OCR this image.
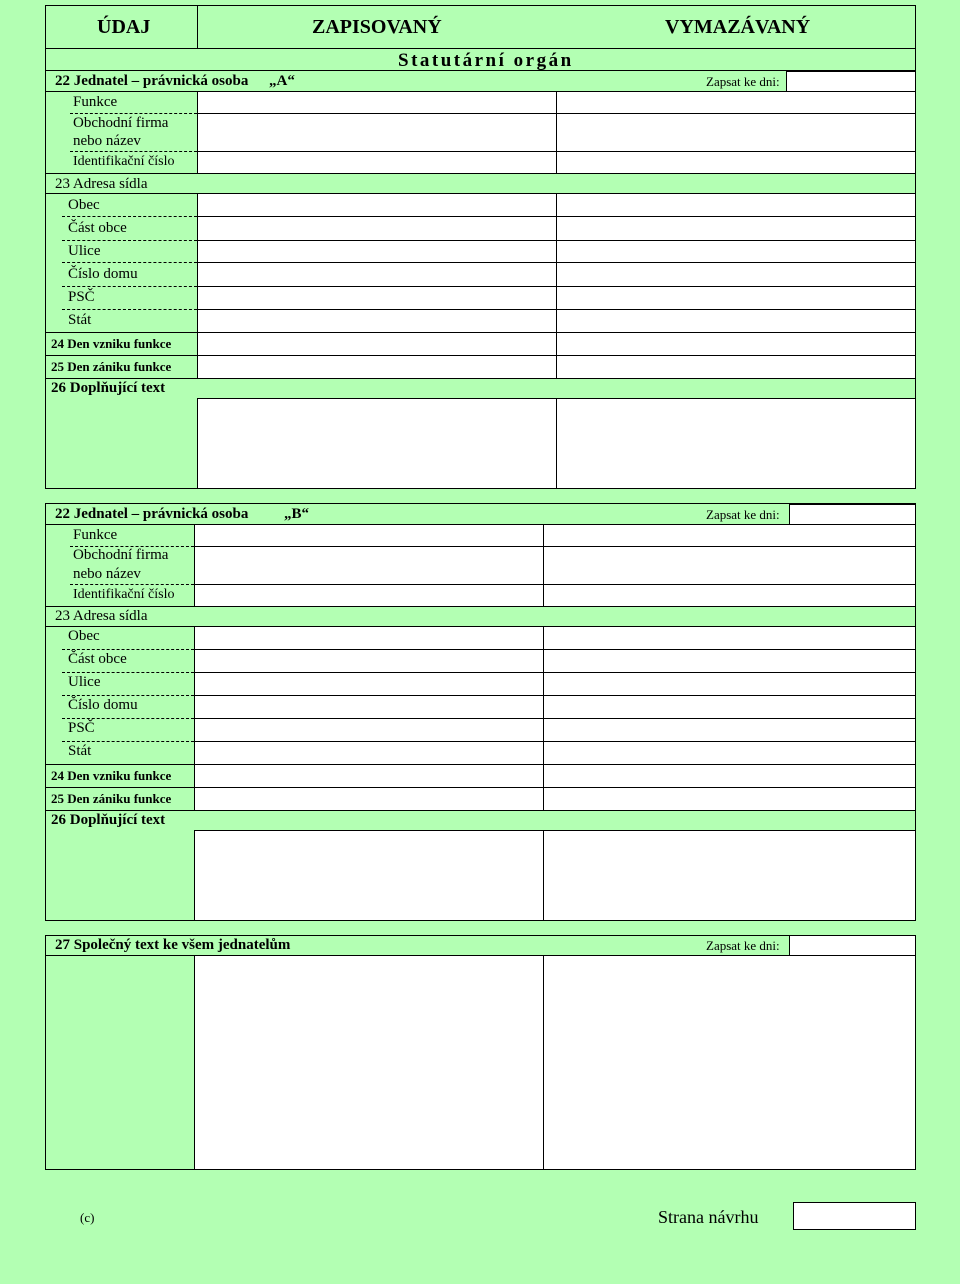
ÚDAJ	ZAPISOVANÝ	VYMAZÁVANÝ
Statutární orgán
22 Jednatel – právnická osoba „A“	Zapsat ke dni:
Funkce
Obchodní firma
nebo název
Identifikační číslo
23 Adresa sídla
Obec
Část obce
Ulice
Číslo domu
PSČ
Stát
24 Den vzniku funkce
25 Den zániku funkce
26 Doplňující text
22 Jednatel – právnická osoba „B“	Zapsat ke dni:
Funkce
Obchodní firma
nebo název
Identifikační číslo
23 Adresa sídla
Obec
Část obce
Ulice
Číslo domu
PSČ
Stát
24 Den vzniku funkce
25 Den zániku funkce
26 Doplňující text
27 Společný text ke všem jednatelům	Zapsat ke dni:
(c)	Strana návrhu
